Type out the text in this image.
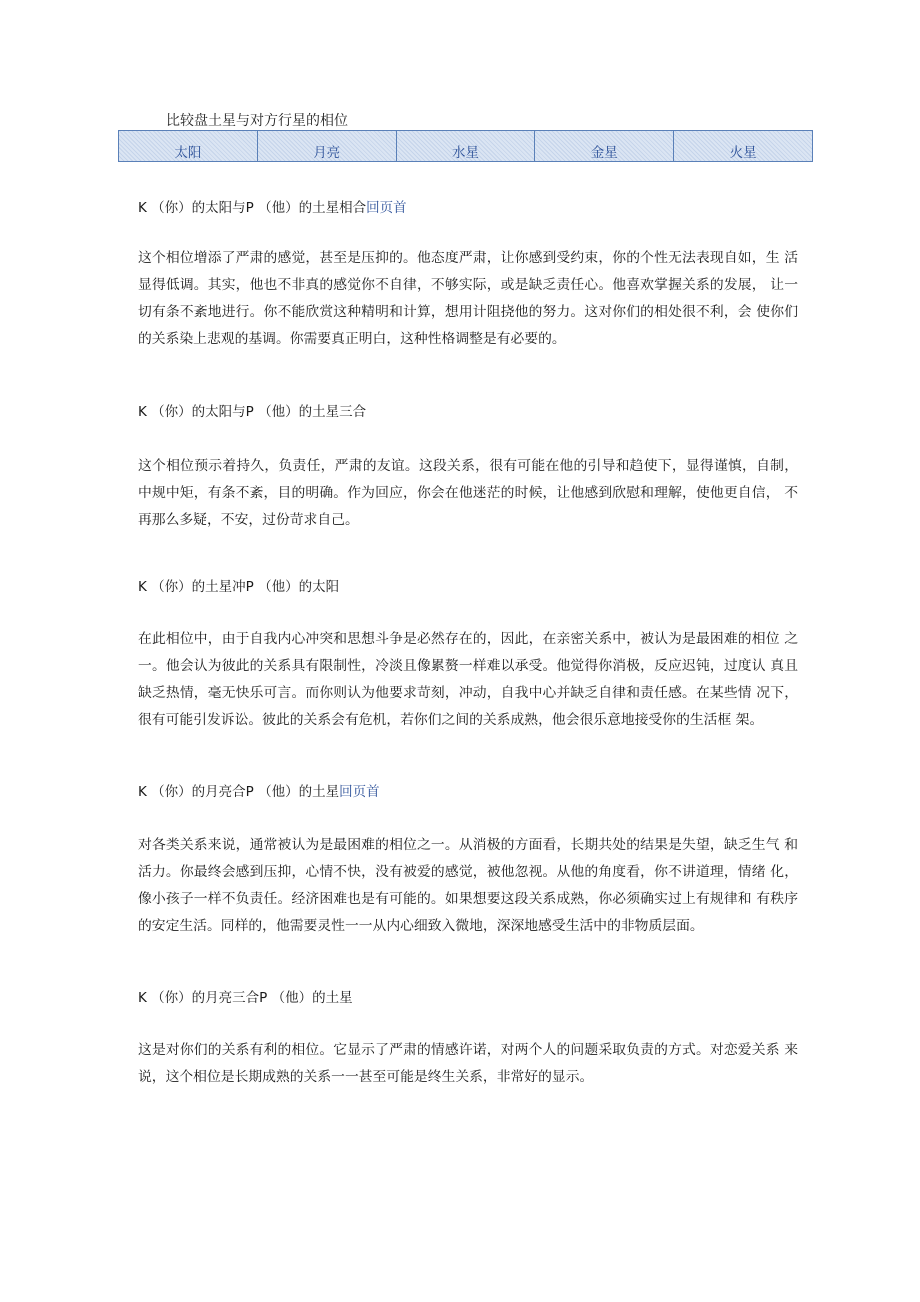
比较盘土星与对方行星的相位
太阳	月亮	水星	金星	火星
K （你）的太阳与P （他）的土星相合回页首

这个相位增添了严肃的感觉，甚至是压抑的。他态度严肃，让你感到受约束，你的个性无法表现自如，生 活显得低调。其实，他也不非真的感觉你不自律，不够实际，或是缺乏责任心。他喜欢掌握关系的发展， 让一切有条不紊地进行。你不能欣赏这种精明和计算，想用计阻挠他的努力。这对你们的相处很不利，会 使你们的关系染上悲观的基调。你需要真正明白，这种性格调整是有必要的。

K （你）的太阳与P （他）的土星三合

这个相位预示着持久，负责任，严肃的友谊。这段关系，很有可能在他的引导和趋使下，显得谨慎，自制， 中规中矩，有条不紊，目的明确。作为回应，你会在他迷茫的时候，让他感到欣慰和理解，使他更自信， 不再那么多疑，不安，过份苛求自己。

K （你）的土星冲P （他）的太阳

在此相位中，由于自我内心冲突和思想斗争是必然存在的，因此，在亲密关系中，被认为是最困难的相位 之一。他会认为彼此的关系具有限制性，冷淡且像累赘一样难以承受。他觉得你消极，反应迟钝，过度认 真且缺乏热情，毫无快乐可言。而你则认为他要求苛刻，冲动，自我中心并缺乏自律和责任感。在某些情 况下，很有可能引发诉讼。彼此的关系会有危机，若你们之间的关系成熟，他会很乐意地接受你的生活框 架。

K （你）的月亮合P （他）的土星回页首

对各类关系来说，通常被认为是最困难的相位之一。从消极的方面看，长期共处的结果是失望，缺乏生气 和活力。你最终会感到压抑，心情不快，没有被爱的感觉，被他忽视。从他的角度看，你不讲道理，情绪 化，像小孩子一样不负责任。经济困难也是有可能的。如果想要这段关系成熟，你必须确实过上有规律和 有秩序的安定生活。同样的，他需要灵性一一从内心细致入微地，深深地感受生活中的非物质层面。

K （你）的月亮三合P （他）的土星

这是对你们的关系有利的相位。它显示了严肃的情感许诺，对两个人的问题采取负责的方式。对恋爱关系 来说，这个相位是长期成熟的关系一一甚至可能是终生关系，非常好的显示。
